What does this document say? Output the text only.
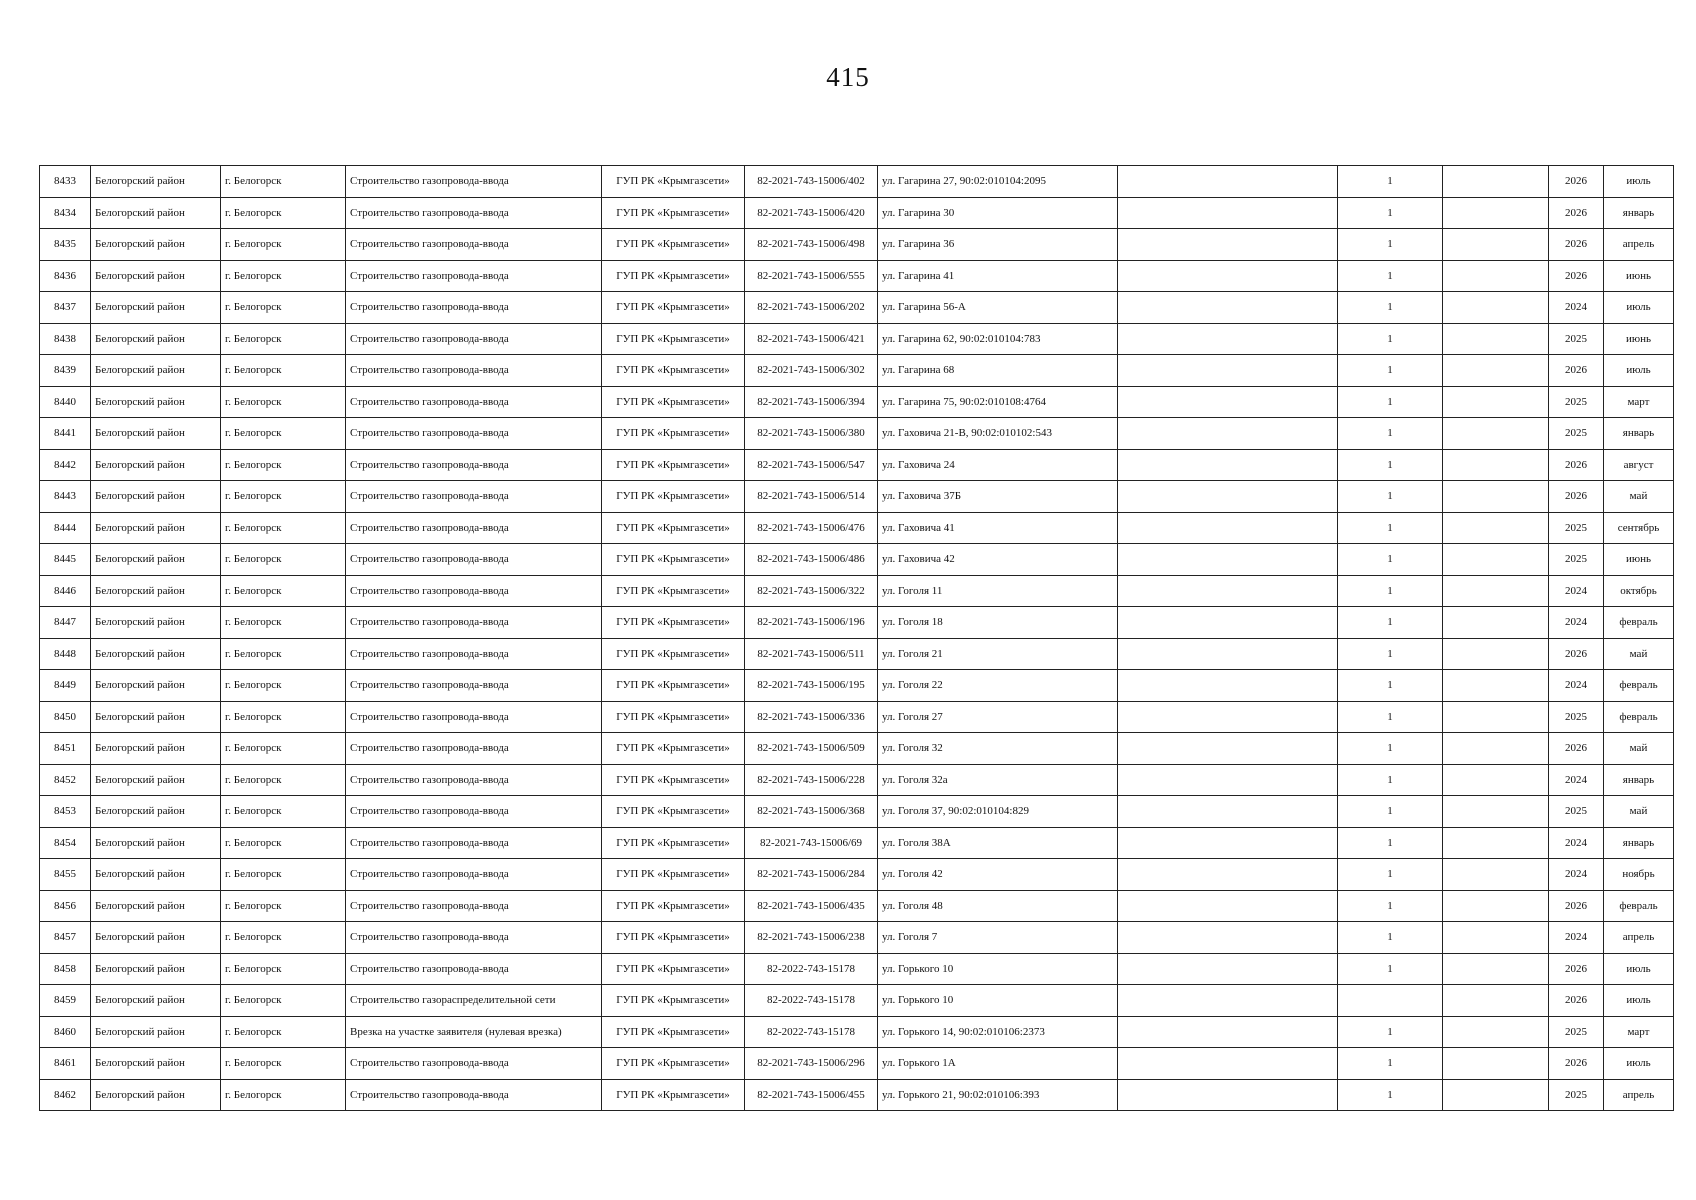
415
8433	Белогорский район	г. Белогорск	Строительство газопровода-ввода	ГУП РК «Крымгазсети»	82-2021-743-15006/402	ул. Гагарина 27, 90:02:010104:2095		1		2026	июль
8434	Белогорский район	г. Белогорск	Строительство газопровода-ввода	ГУП РК «Крымгазсети»	82-2021-743-15006/420	ул. Гагарина 30		1		2026	январь
8435	Белогорский район	г. Белогорск	Строительство газопровода-ввода	ГУП РК «Крымгазсети»	82-2021-743-15006/498	ул. Гагарина 36		1		2026	апрель
8436	Белогорский район	г. Белогорск	Строительство газопровода-ввода	ГУП РК «Крымгазсети»	82-2021-743-15006/555	ул. Гагарина 41		1		2026	июнь
8437	Белогорский район	г. Белогорск	Строительство газопровода-ввода	ГУП РК «Крымгазсети»	82-2021-743-15006/202	ул. Гагарина 56-А		1		2024	июль
8438	Белогорский район	г. Белогорск	Строительство газопровода-ввода	ГУП РК «Крымгазсети»	82-2021-743-15006/421	ул. Гагарина 62, 90:02:010104:783		1		2025	июнь
8439	Белогорский район	г. Белогорск	Строительство газопровода-ввода	ГУП РК «Крымгазсети»	82-2021-743-15006/302	ул. Гагарина 68		1		2026	июль
8440	Белогорский район	г. Белогорск	Строительство газопровода-ввода	ГУП РК «Крымгазсети»	82-2021-743-15006/394	ул. Гагарина 75, 90:02:010108:4764		1		2025	март
8441	Белогорский район	г. Белогорск	Строительство газопровода-ввода	ГУП РК «Крымгазсети»	82-2021-743-15006/380	ул. Гаховича 21-В, 90:02:010102:543		1		2025	январь
8442	Белогорский район	г. Белогорск	Строительство газопровода-ввода	ГУП РК «Крымгазсети»	82-2021-743-15006/547	ул. Гаховича 24		1		2026	август
8443	Белогорский район	г. Белогорск	Строительство газопровода-ввода	ГУП РК «Крымгазсети»	82-2021-743-15006/514	ул. Гаховича 37Б		1		2026	май
8444	Белогорский район	г. Белогорск	Строительство газопровода-ввода	ГУП РК «Крымгазсети»	82-2021-743-15006/476	ул. Гаховича 41		1		2025	сентябрь
8445	Белогорский район	г. Белогорск	Строительство газопровода-ввода	ГУП РК «Крымгазсети»	82-2021-743-15006/486	ул. Гаховича 42		1		2025	июнь
8446	Белогорский район	г. Белогорск	Строительство газопровода-ввода	ГУП РК «Крымгазсети»	82-2021-743-15006/322	ул. Гоголя 11		1		2024	октябрь
8447	Белогорский район	г. Белогорск	Строительство газопровода-ввода	ГУП РК «Крымгазсети»	82-2021-743-15006/196	ул. Гоголя 18		1		2024	февраль
8448	Белогорский район	г. Белогорск	Строительство газопровода-ввода	ГУП РК «Крымгазсети»	82-2021-743-15006/511	ул. Гоголя 21		1		2026	май
8449	Белогорский район	г. Белогорск	Строительство газопровода-ввода	ГУП РК «Крымгазсети»	82-2021-743-15006/195	ул. Гоголя 22		1		2024	февраль
8450	Белогорский район	г. Белогорск	Строительство газопровода-ввода	ГУП РК «Крымгазсети»	82-2021-743-15006/336	ул. Гоголя 27		1		2025	февраль
8451	Белогорский район	г. Белогорск	Строительство газопровода-ввода	ГУП РК «Крымгазсети»	82-2021-743-15006/509	ул. Гоголя 32		1		2026	май
8452	Белогорский район	г. Белогорск	Строительство газопровода-ввода	ГУП РК «Крымгазсети»	82-2021-743-15006/228	ул. Гоголя 32а		1		2024	январь
8453	Белогорский район	г. Белогорск	Строительство газопровода-ввода	ГУП РК «Крымгазсети»	82-2021-743-15006/368	ул. Гоголя 37, 90:02:010104:829		1		2025	май
8454	Белогорский район	г. Белогорск	Строительство газопровода-ввода	ГУП РК «Крымгазсети»	82-2021-743-15006/69	ул. Гоголя 38А		1		2024	январь
8455	Белогорский район	г. Белогорск	Строительство газопровода-ввода	ГУП РК «Крымгазсети»	82-2021-743-15006/284	ул. Гоголя 42		1		2024	ноябрь
8456	Белогорский район	г. Белогорск	Строительство газопровода-ввода	ГУП РК «Крымгазсети»	82-2021-743-15006/435	ул. Гоголя 48		1		2026	февраль
8457	Белогорский район	г. Белогорск	Строительство газопровода-ввода	ГУП РК «Крымгазсети»	82-2021-743-15006/238	ул. Гоголя 7		1		2024	апрель
8458	Белогорский район	г. Белогорск	Строительство газопровода-ввода	ГУП РК «Крымгазсети»	82-2022-743-15178	ул. Горького 10		1		2026	июль
8459	Белогорский район	г. Белогорск	Строительство газораспределительной сети	ГУП РК «Крымгазсети»	82-2022-743-15178	ул. Горького 10				2026	июль
8460	Белогорский район	г. Белогорск	Врезка на участке заявителя (нулевая врезка)	ГУП РК «Крымгазсети»	82-2022-743-15178	ул. Горького 14, 90:02:010106:2373		1		2025	март
8461	Белогорский район	г. Белогорск	Строительство газопровода-ввода	ГУП РК «Крымгазсети»	82-2021-743-15006/296	ул. Горького 1А		1		2026	июль
8462	Белогорский район	г. Белогорск	Строительство газопровода-ввода	ГУП РК «Крымгазсети»	82-2021-743-15006/455	ул. Горького 21, 90:02:010106:393		1		2025	апрель
